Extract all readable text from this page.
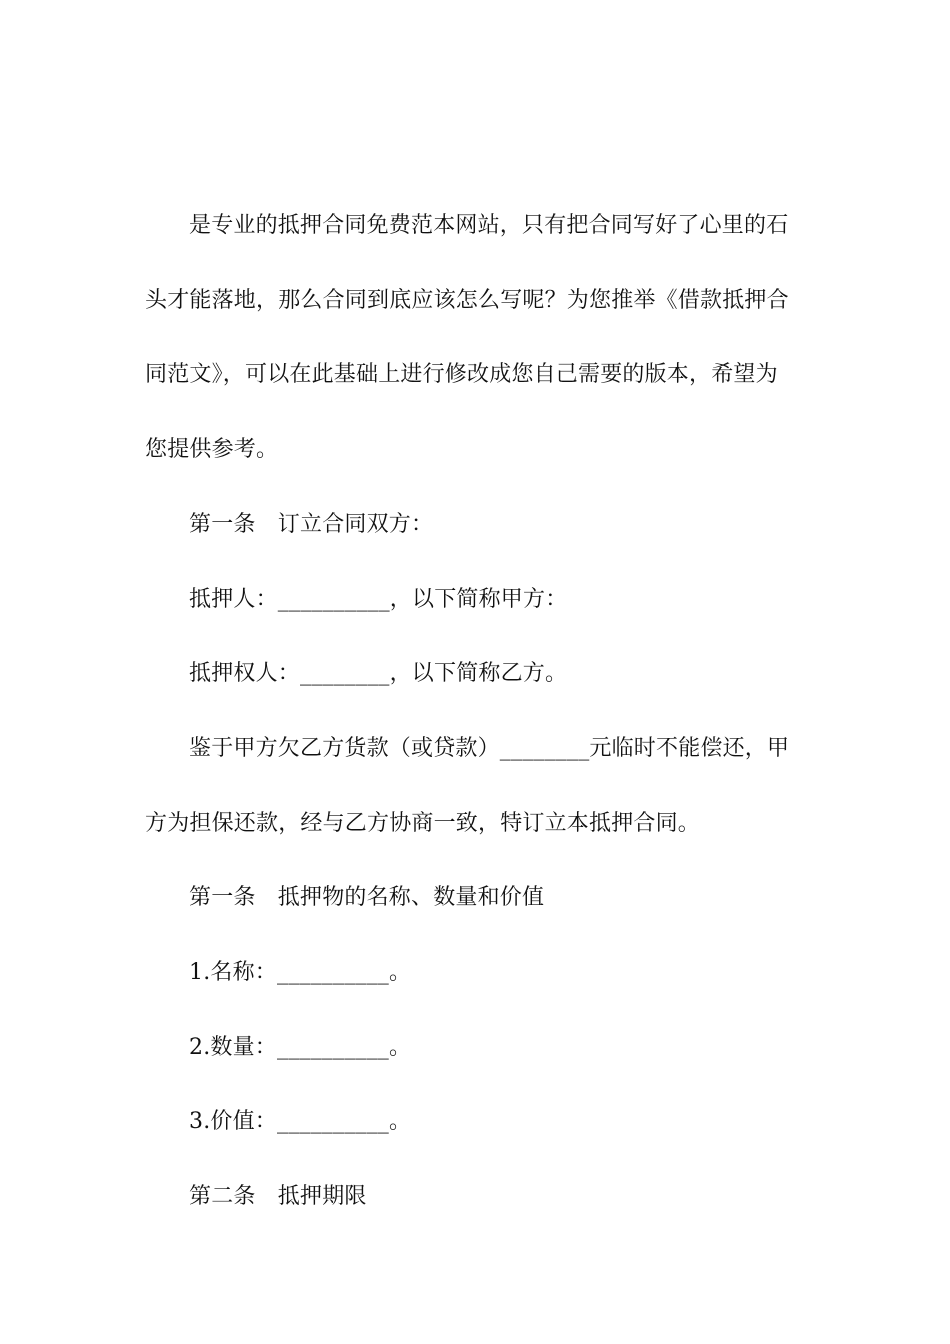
是专业的抵押合同免费范本网站，只有把合同写好了心里的石
头才能落地，那么合同到底应该怎么写呢？为您推举《借款抵押合
同范文》，可以在此基础上进行修改成您自己需要的版本，希望为
您提供参考。
第一条　订立合同双方：
抵押人：__________，以下简称甲方：
抵押权人：________，以下简称乙方。
鉴于甲方欠乙方货款（或贷款）________元临时不能偿还，甲
方为担保还款，经与乙方协商一致，特订立本抵押合同。
第一条　抵押物的名称、数量和价值
1.名称：__________。
2.数量：__________。
3.价值：__________。
第二条　抵押期限
